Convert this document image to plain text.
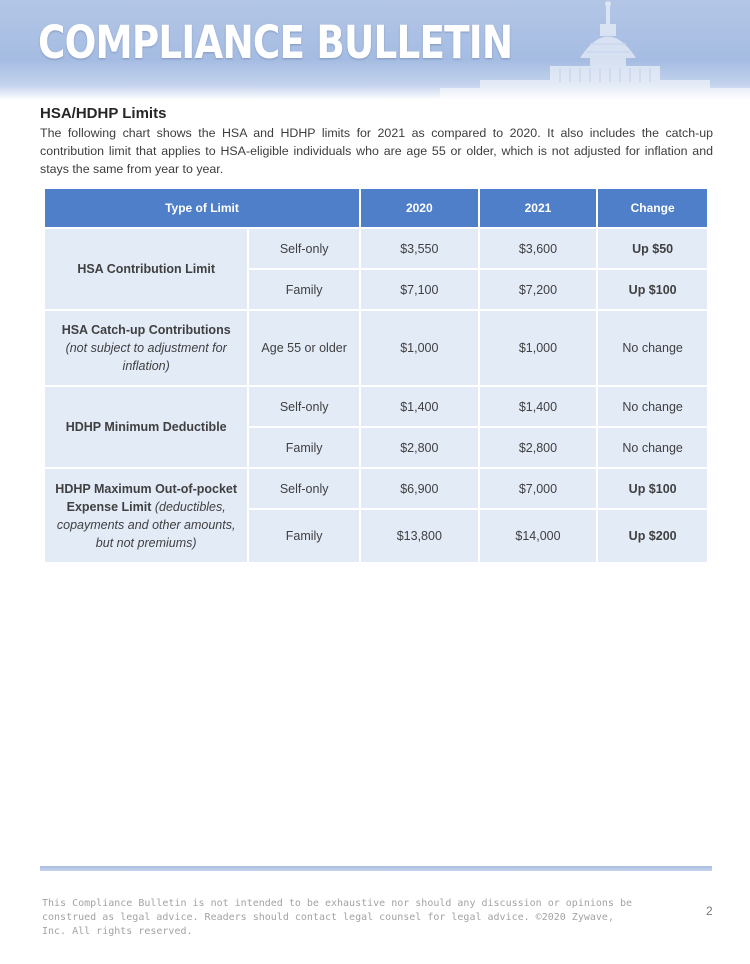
COMPLIANCE BULLETIN
HSA/HDHP Limits
The following chart shows the HSA and HDHP limits for 2021 as compared to 2020. It also includes the catch-up contribution limit that applies to HSA-eligible individuals who are age 55 or older, which is not adjusted for inflation and stays the same from year to year.
Type of Limit		2020	2021	Change
HSA Contribution Limit	Self-only	$3,550	$3,600	Up $50
	Family	$7,100	$7,200	Up $100
HSA Catch-up Contributions (not subject to adjustment for inflation)	Age 55 or older	$1,000	$1,000	No change
HDHP Minimum Deductible	Self-only	$1,400	$1,400	No change
	Family	$2,800	$2,800	No change
HDHP Maximum Out-of-pocket Expense Limit (deductibles, copayments and other amounts, but not premiums)	Self-only	$6,900	$7,000	Up $100
	Family	$13,800	$14,000	Up $200
This Compliance Bulletin is not intended to be exhaustive nor should any discussion or opinions be construed as legal advice. Readers should contact legal counsel for legal advice. ©2020 Zywave, Inc. All rights reserved.
2
